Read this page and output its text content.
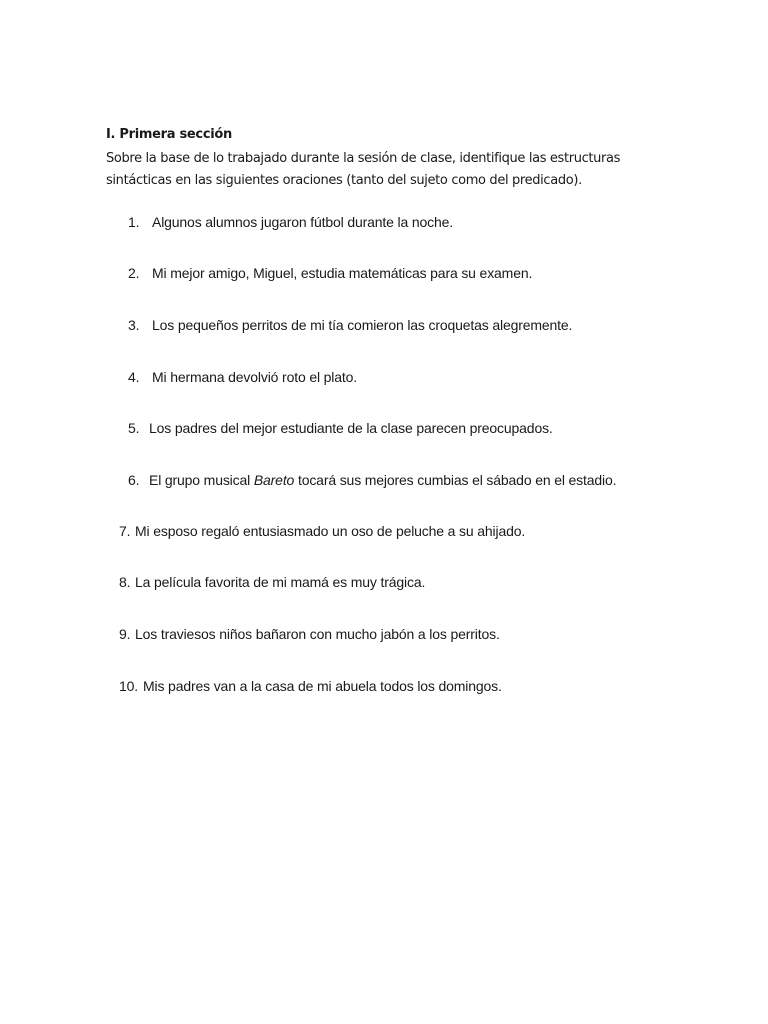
I. Primera sección
Sobre la base de lo trabajado durante la sesión de clase, identifique las estructuras
sintácticas en las siguientes oraciones (tanto del sujeto como del predicado).
1. Algunos alumnos jugaron fútbol durante la noche.
2. Mi mejor amigo, Miguel, estudia matemáticas para su examen.
3. Los pequeños perritos de mi tía comieron las croquetas alegremente.
4. Mi hermana devolvió roto el plato.
5. Los padres del mejor estudiante de la clase parecen preocupados.
6. El grupo musical Bareto tocará sus mejores cumbias el sábado en el estadio.
7. Mi esposo regaló entusiasmado un oso de peluche a su ahijado.
8. La película favorita de mi mamá es muy trágica.
9. Los traviesos niños bañaron con mucho jabón a los perritos.
10. Mis padres van a la casa de mi abuela todos los domingos.
